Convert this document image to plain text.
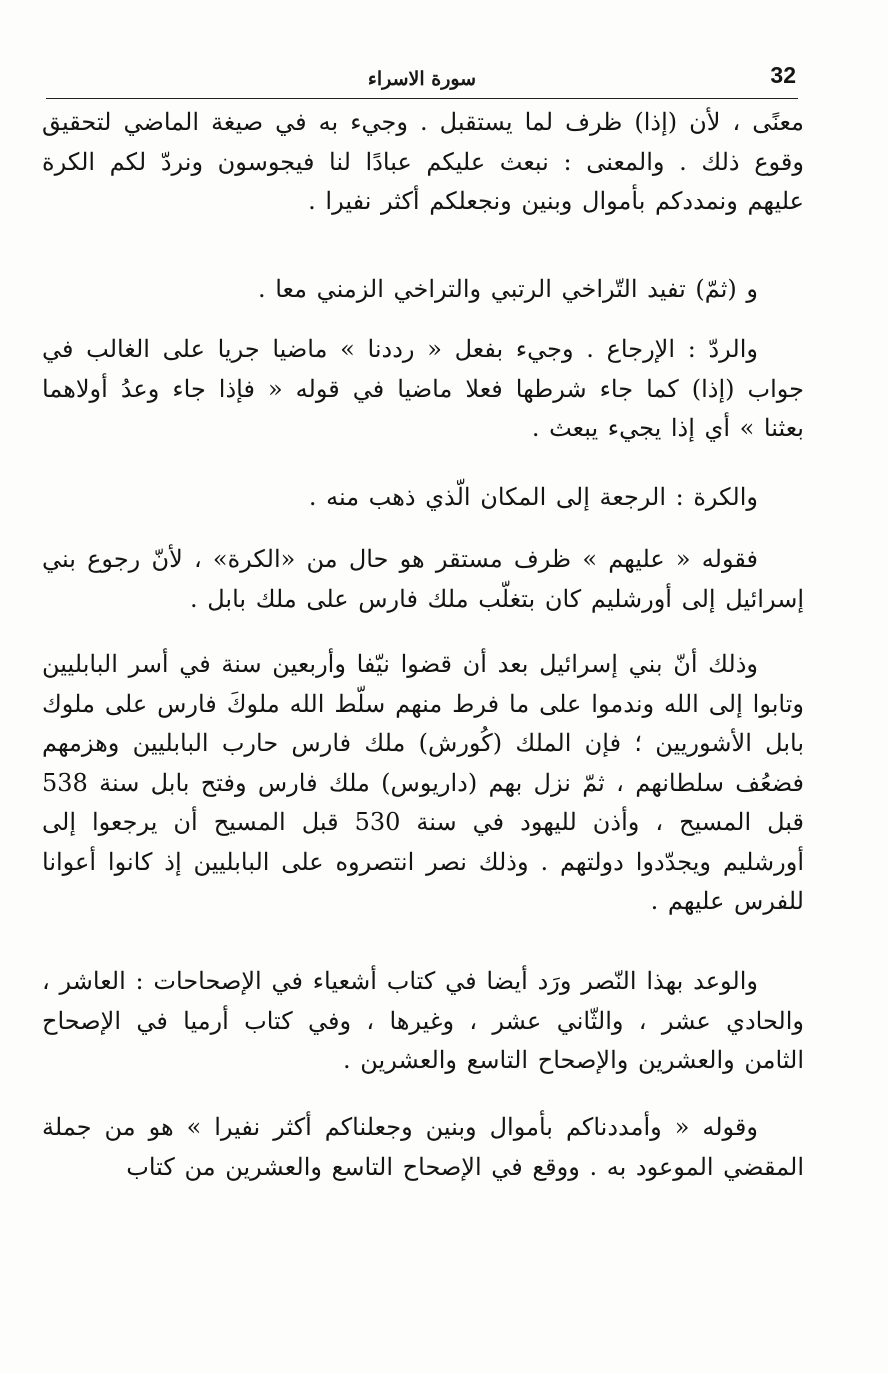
32
سورة الاسراء

معنًى ، لأن (إذا) ظرف لما يستقبل . وجيء به في صيغة الماضي لتحقيق وقوع ذلك . والمعنى : نبعث عليكم عبادًا لنا فيجوسون ونردّ لكم الكرة عليهم ونمددكم بأموال وبنين ونجعلكم أكثر نفيرا .

و (ثمّ) تفيد التّراخي الرتبي والتراخي الزمني معا .

والردّ : الإرجاع . وجيء بفعل « رددنا » ماضيا جريا على الغالب في جواب (إذا) كما جاء شرطها فعلا ماضيا في قوله « فإذا جاء وعدُ أولاهما بعثنا » أي إذا يجيء يبعث .

والكرة : الرجعة إلى المكان الّذي ذهب منه .

فقوله « عليهم » ظرف مستقر هو حال من «الكرة» ، لأنّ رجوع بني إسرائيل إلى أورشليم كان بتغلّب ملك فارس على ملك بابل .

وذلك أنّ بني إسرائيل بعد أن قضوا نيّفا وأربعين سنة في أسر البابليين وتابوا إلى الله وندموا على ما فرط منهم سلّط الله ملوكَ فارس على ملوك بابل الأشوريين ؛ فإن الملك (كُورش) ملك فارس حارب البابليين وهزمهم فضعُف سلطانهم ، ثمّ نزل بهم (داريوس) ملك فارس وفتح بابل سنة 538 قبل المسيح ، وأذن لليهود في سنة 530 قبل المسيح أن يرجعوا إلى أورشليم ويجدّدوا دولتهم . وذلك نصر انتصروه على البابليين إذ كانوا أعوانا للفرس عليهم .

والوعد بهذا النّصر ورَد أيضا في كتاب أشعياء في الإصحاحات : العاشر ، والحادي عشر ، والثّاني عشر ، وغيرها ، وفي كتاب أرميا في الإصحاح الثامن والعشرين والإصحاح التاسع والعشرين .

وقوله « وأمددناكم بأموال وبنين وجعلناكم أكثر نفيرا » هو من جملة المقضي الموعود به . ووقع في الإصحاح التاسع والعشرين من كتاب
